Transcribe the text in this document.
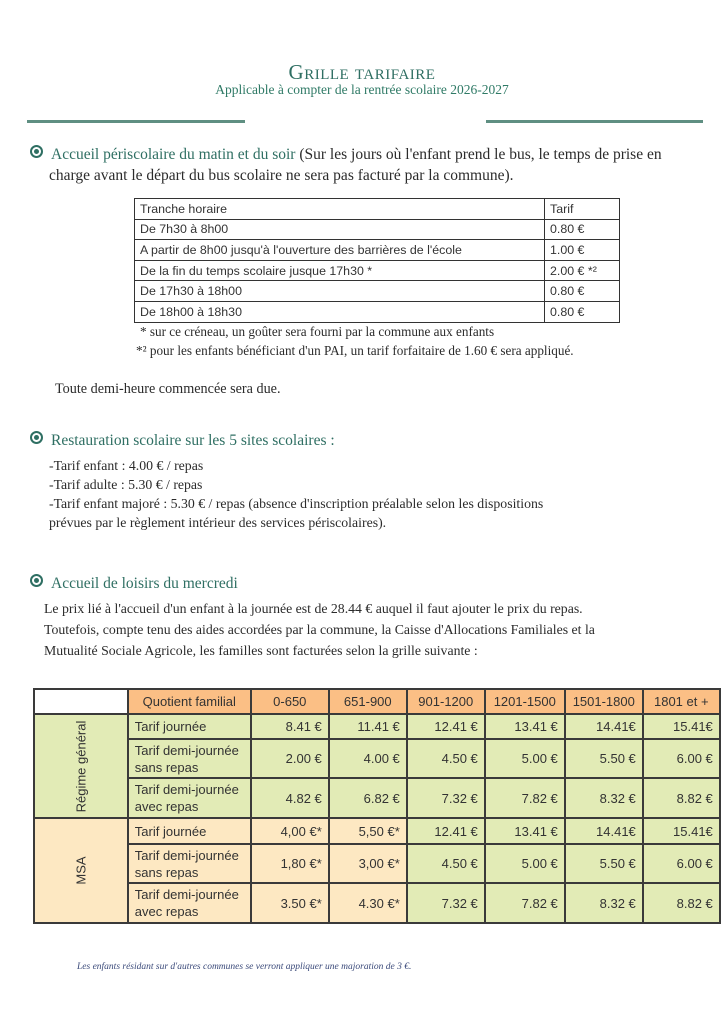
Grille tarifaire
Applicable à compter de la rentrée scolaire 2026-2027
Accueil périscolaire du matin et du soir (Sur les jours où l'enfant prend le bus, le temps de prise en
charge avant le départ du bus scolaire ne sera pas facturé par la commune).
Tranche horaire	Tarif
De 7h30 à 8h00	0.80 €
A partir de 8h00 jusqu'à l'ouverture des barrières de l'école	1.00 €
De la fin du temps scolaire jusque 17h30 *	2.00 € *²
De 17h30 à 18h00	0.80 €
De 18h00 à 18h30	0.80 €
* sur ce créneau, un goûter sera fourni par la commune aux enfants
*² pour les enfants bénéficiant d'un PAI, un tarif forfaitaire de 1.60 € sera appliqué.
Toute demi-heure commencée sera due.
Restauration scolaire sur les 5 sites scolaires :
-Tarif enfant : 4.00 € / repas
-Tarif adulte : 5.30 € / repas
-Tarif enfant majoré : 5.30 € / repas (absence d'inscription préalable selon les dispositions
prévues par le règlement intérieur des services périscolaires).
Accueil de loisirs du mercredi
Le prix lié à l'accueil d'un enfant à la journée est de 28.44 € auquel il faut ajouter le prix du repas.
Toutefois, compte tenu des aides accordées par la commune, la Caisse d'Allocations Familiales et la
Mutualité Sociale Agricole, les familles sont facturées selon la grille suivante :
	Quotient familial	0-650	651-900	901-1200	1201-1500	1501-1800	1801 et +
Régime général	Tarif journée	8.41 €	11.41 €	12.41 €	13.41 €	14.41€	15.41€

	Tarif demi-journée
sans repas	2.00 €	4.00 €	4.50 €	5.00 €	5.50 €	6.00 €

	Tarif demi-journée
avec repas	4.82 €	6.82 €	7.32 €	7.82 €	8.32 €	8.82 €
MSA	Tarif journée	4,00 €*	5,50 €*	12.41 €	13.41 €	14.41€	15.41€

	Tarif demi-journée
sans repas	1,80 €*	3,00 €*	4.50 €	5.00 €	5.50 €	6.00 €

	Tarif demi-journée
avec repas	3.50 €*	4.30 €*	7.32 €	7.82 €	8.32 €	8.82 €
Les enfants résidant sur d'autres communes se verront appliquer une majoration de 3 €.
